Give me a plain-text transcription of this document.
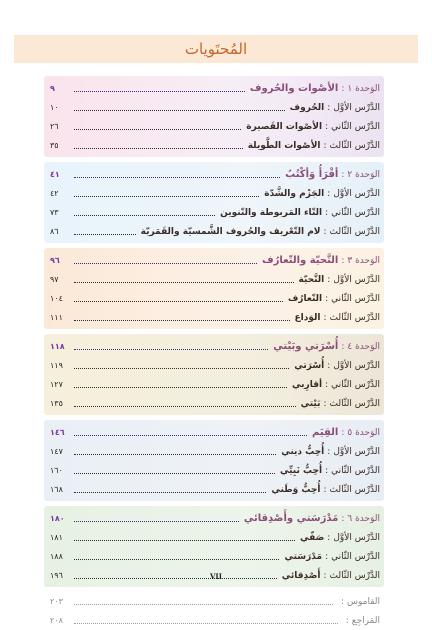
المُحتَويات
الوَحدة ١:الأصْوات والحُروف
٩
الدَّرْس الأوَّل:الحُروف
١٠
الدَّرْس الثّاني:الأصْوات القَصيرة
٢٦
الدَّرْس الثّالث:الأصْوات الطَّويلة
٣٥
الوَحدة ٢:أقْرَأُ وَأكْتُبُ
٤١
الدَّرْس الأوَّل:الجَزْم والشَّدّة
٤٢
الدَّرْس الثّاني:التّاء المَربوطة والتّنوين
٧٣
الدَّرْس الثّالث:لام التّعْريف والحُروف الشَّمسيّة والقَمَريّة
٨٦
الوَحدة ٣:التَّحيّة والتّعارُف
٩٦
الدَّرْس الأوَّل:التَّحيّة
٩٧
الدَّرْس الثّاني:التّعارُف
١٠٤
الدَّرْس الثّالث:الوَداع
١١١
الوَحدة ٤:أُسْرَتي وبَيْتي
١١٨
الدَّرْس الأوَّل:أُسْرَتي
١١٩
الدَّرْس الثّاني:أقارِبي
١٢٧
الدَّرْس الثّالث:بَيْتي
١٣٥
الوَحدة ٥:القِيَم
١٤٦
الدَّرْس الأوَّل:أُحِبُّ ديني
١٤٧
الدَّرْس الثّاني:أُحِبُّ نَبِيِّي
١٦٠
الدَّرْس الثّالث:أُحِبُّ وَطَني
١٦٨
الوَحدة ٦:مَدْرَسَتي وأَصْدِقائي
١٨٠
الدَّرْس الأوَّل:صَفّي
١٨١
الدَّرْس الثّاني:مَدْرَسَتي
١٨٨
الدَّرْس الثّالث:أَصْدِقائي
١٩٦
القاموس:
٢٠٣
المَراجِع:
٢٠٨
VII
